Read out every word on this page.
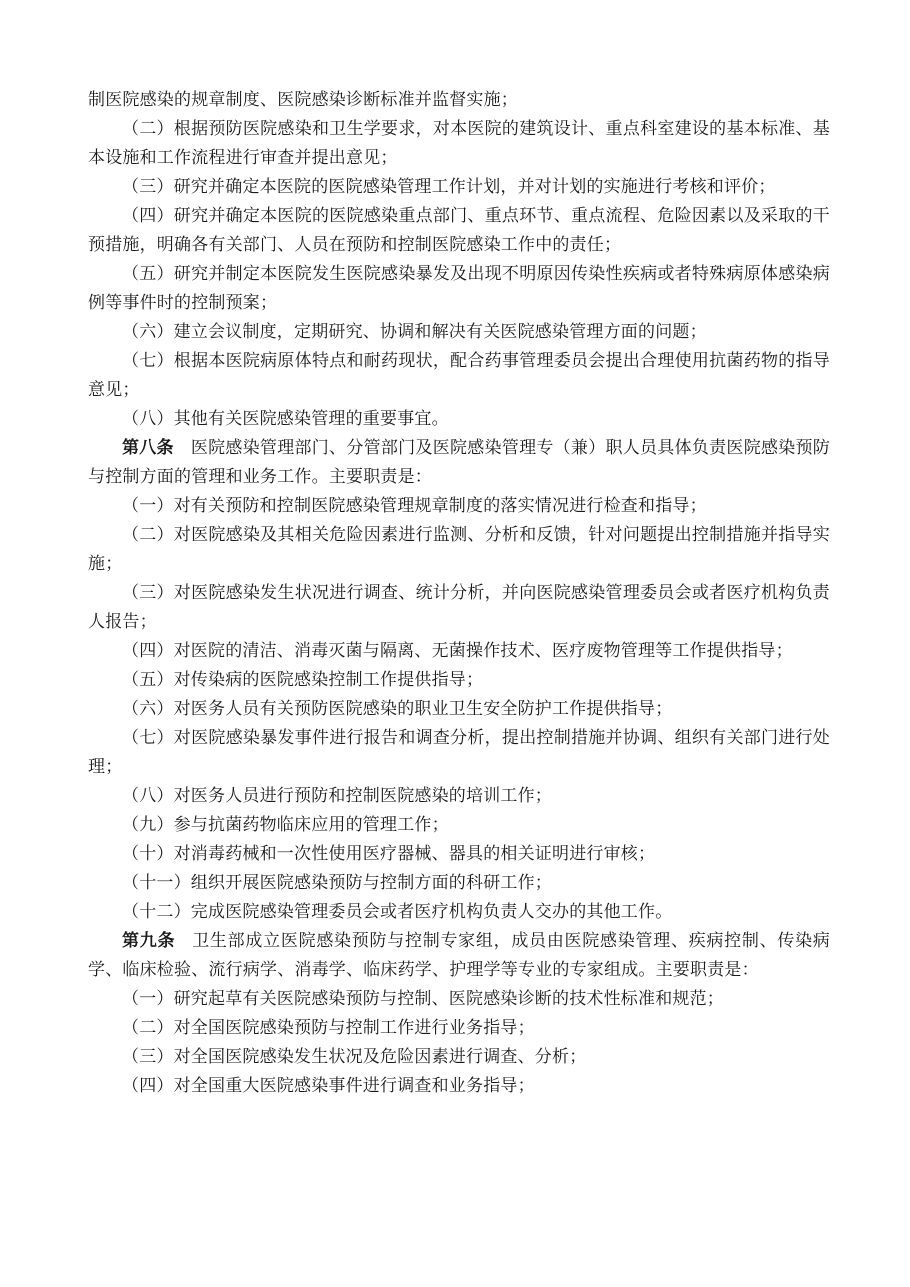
制医院感染的规章制度、医院感染诊断标准并监督实施；

（二）根据预防医院感染和卫生学要求，对本医院的建筑设计、重点科室建设的基本标准、基本设施和工作流程进行审查并提出意见；

（三）研究并确定本医院的医院感染管理工作计划，并对计划的实施进行考核和评价；

（四）研究并确定本医院的医院感染重点部门、重点环节、重点流程、危险因素以及采取的干预措施，明确各有关部门、人员在预防和控制医院感染工作中的责任；

（五）研究并制定本医院发生医院感染暴发及出现不明原因传染性疾病或者特殊病原体感染病例等事件时的控制预案；

（六）建立会议制度，定期研究、协调和解决有关医院感染管理方面的问题；

（七）根据本医院病原体特点和耐药现状，配合药事管理委员会提出合理使用抗菌药物的指导意见；

（八）其他有关医院感染管理的重要事宜。

第八条 医院感染管理部门、分管部门及医院感染管理专（兼）职人员具体负责医院感染预防与控制方面的管理和业务工作。主要职责是：

（一）对有关预防和控制医院感染管理规章制度的落实情况进行检查和指导；

（二）对医院感染及其相关危险因素进行监测、分析和反馈，针对问题提出控制措施并指导实施；

（三）对医院感染发生状况进行调查、统计分析，并向医院感染管理委员会或者医疗机构负责人报告；

（四）对医院的清洁、消毒灭菌与隔离、无菌操作技术、医疗废物管理等工作提供指导；

（五）对传染病的医院感染控制工作提供指导；

（六）对医务人员有关预防医院感染的职业卫生安全防护工作提供指导；

（七）对医院感染暴发事件进行报告和调查分析，提出控制措施并协调、组织有关部门进行处理；

（八）对医务人员进行预防和控制医院感染的培训工作；

（九）参与抗菌药物临床应用的管理工作；

（十）对消毒药械和一次性使用医疗器械、器具的相关证明进行审核；

（十一）组织开展医院感染预防与控制方面的科研工作；

（十二）完成医院感染管理委员会或者医疗机构负责人交办的其他工作。

第九条 卫生部成立医院感染预防与控制专家组，成员由医院感染管理、疾病控制、传染病学、临床检验、流行病学、消毒学、临床药学、护理学等专业的专家组成。主要职责是：

（一）研究起草有关医院感染预防与控制、医院感染诊断的技术性标准和规范；

（二）对全国医院感染预防与控制工作进行业务指导；

（三）对全国医院感染发生状况及危险因素进行调查、分析；

（四）对全国重大医院感染事件进行调查和业务指导；
